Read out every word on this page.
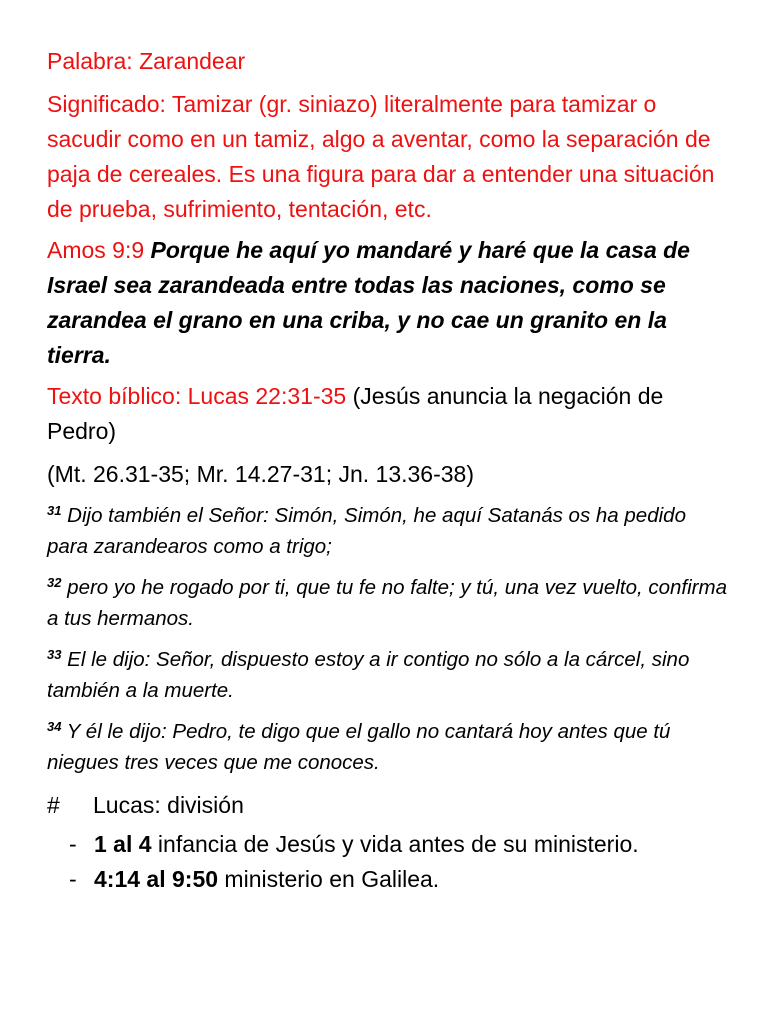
Palabra: Zarandear

Significado: Tamizar (gr. siniazo) literalmente para tamizar o sacudir como en un tamiz, algo a aventar, como la separación de paja de cereales. Es una figura para dar a entender una situación de prueba, sufrimiento, tentación, etc.

Amos 9:9 Porque he aquí yo mandaré y haré que la casa de Israel sea zarandeada entre todas las naciones, como se zarandea el grano en una criba, y no cae un granito en la tierra.

Texto bíblico: Lucas 22:31-35 (Jesús anuncia la negación de Pedro)

(Mt. 26.31-35; Mr. 14.27-31; Jn. 13.36-38)

$^{31}$ Dijo también el Señor: Simón, Simón, he aquí Satanás os ha pedido para zarandearos como a trigo;

$^{32}$ pero yo he rogado por ti, que tu fe no falte; y tú, una vez vuelto, confirma a tus hermanos.

$^{33}$ El le dijo: Señor, dispuesto estoy a ir contigo no sólo a la cárcel, sino también a la muerte.

$^{34}$ Y él le dijo: Pedro, te digo que el gallo no cantará hoy antes que tú niegues tres veces que me conoces.

# Lucas: división

- 1 al 4 infancia de Jesús y vida antes de su ministerio.
- 4:14 al 9:50 ministerio en Galilea.
